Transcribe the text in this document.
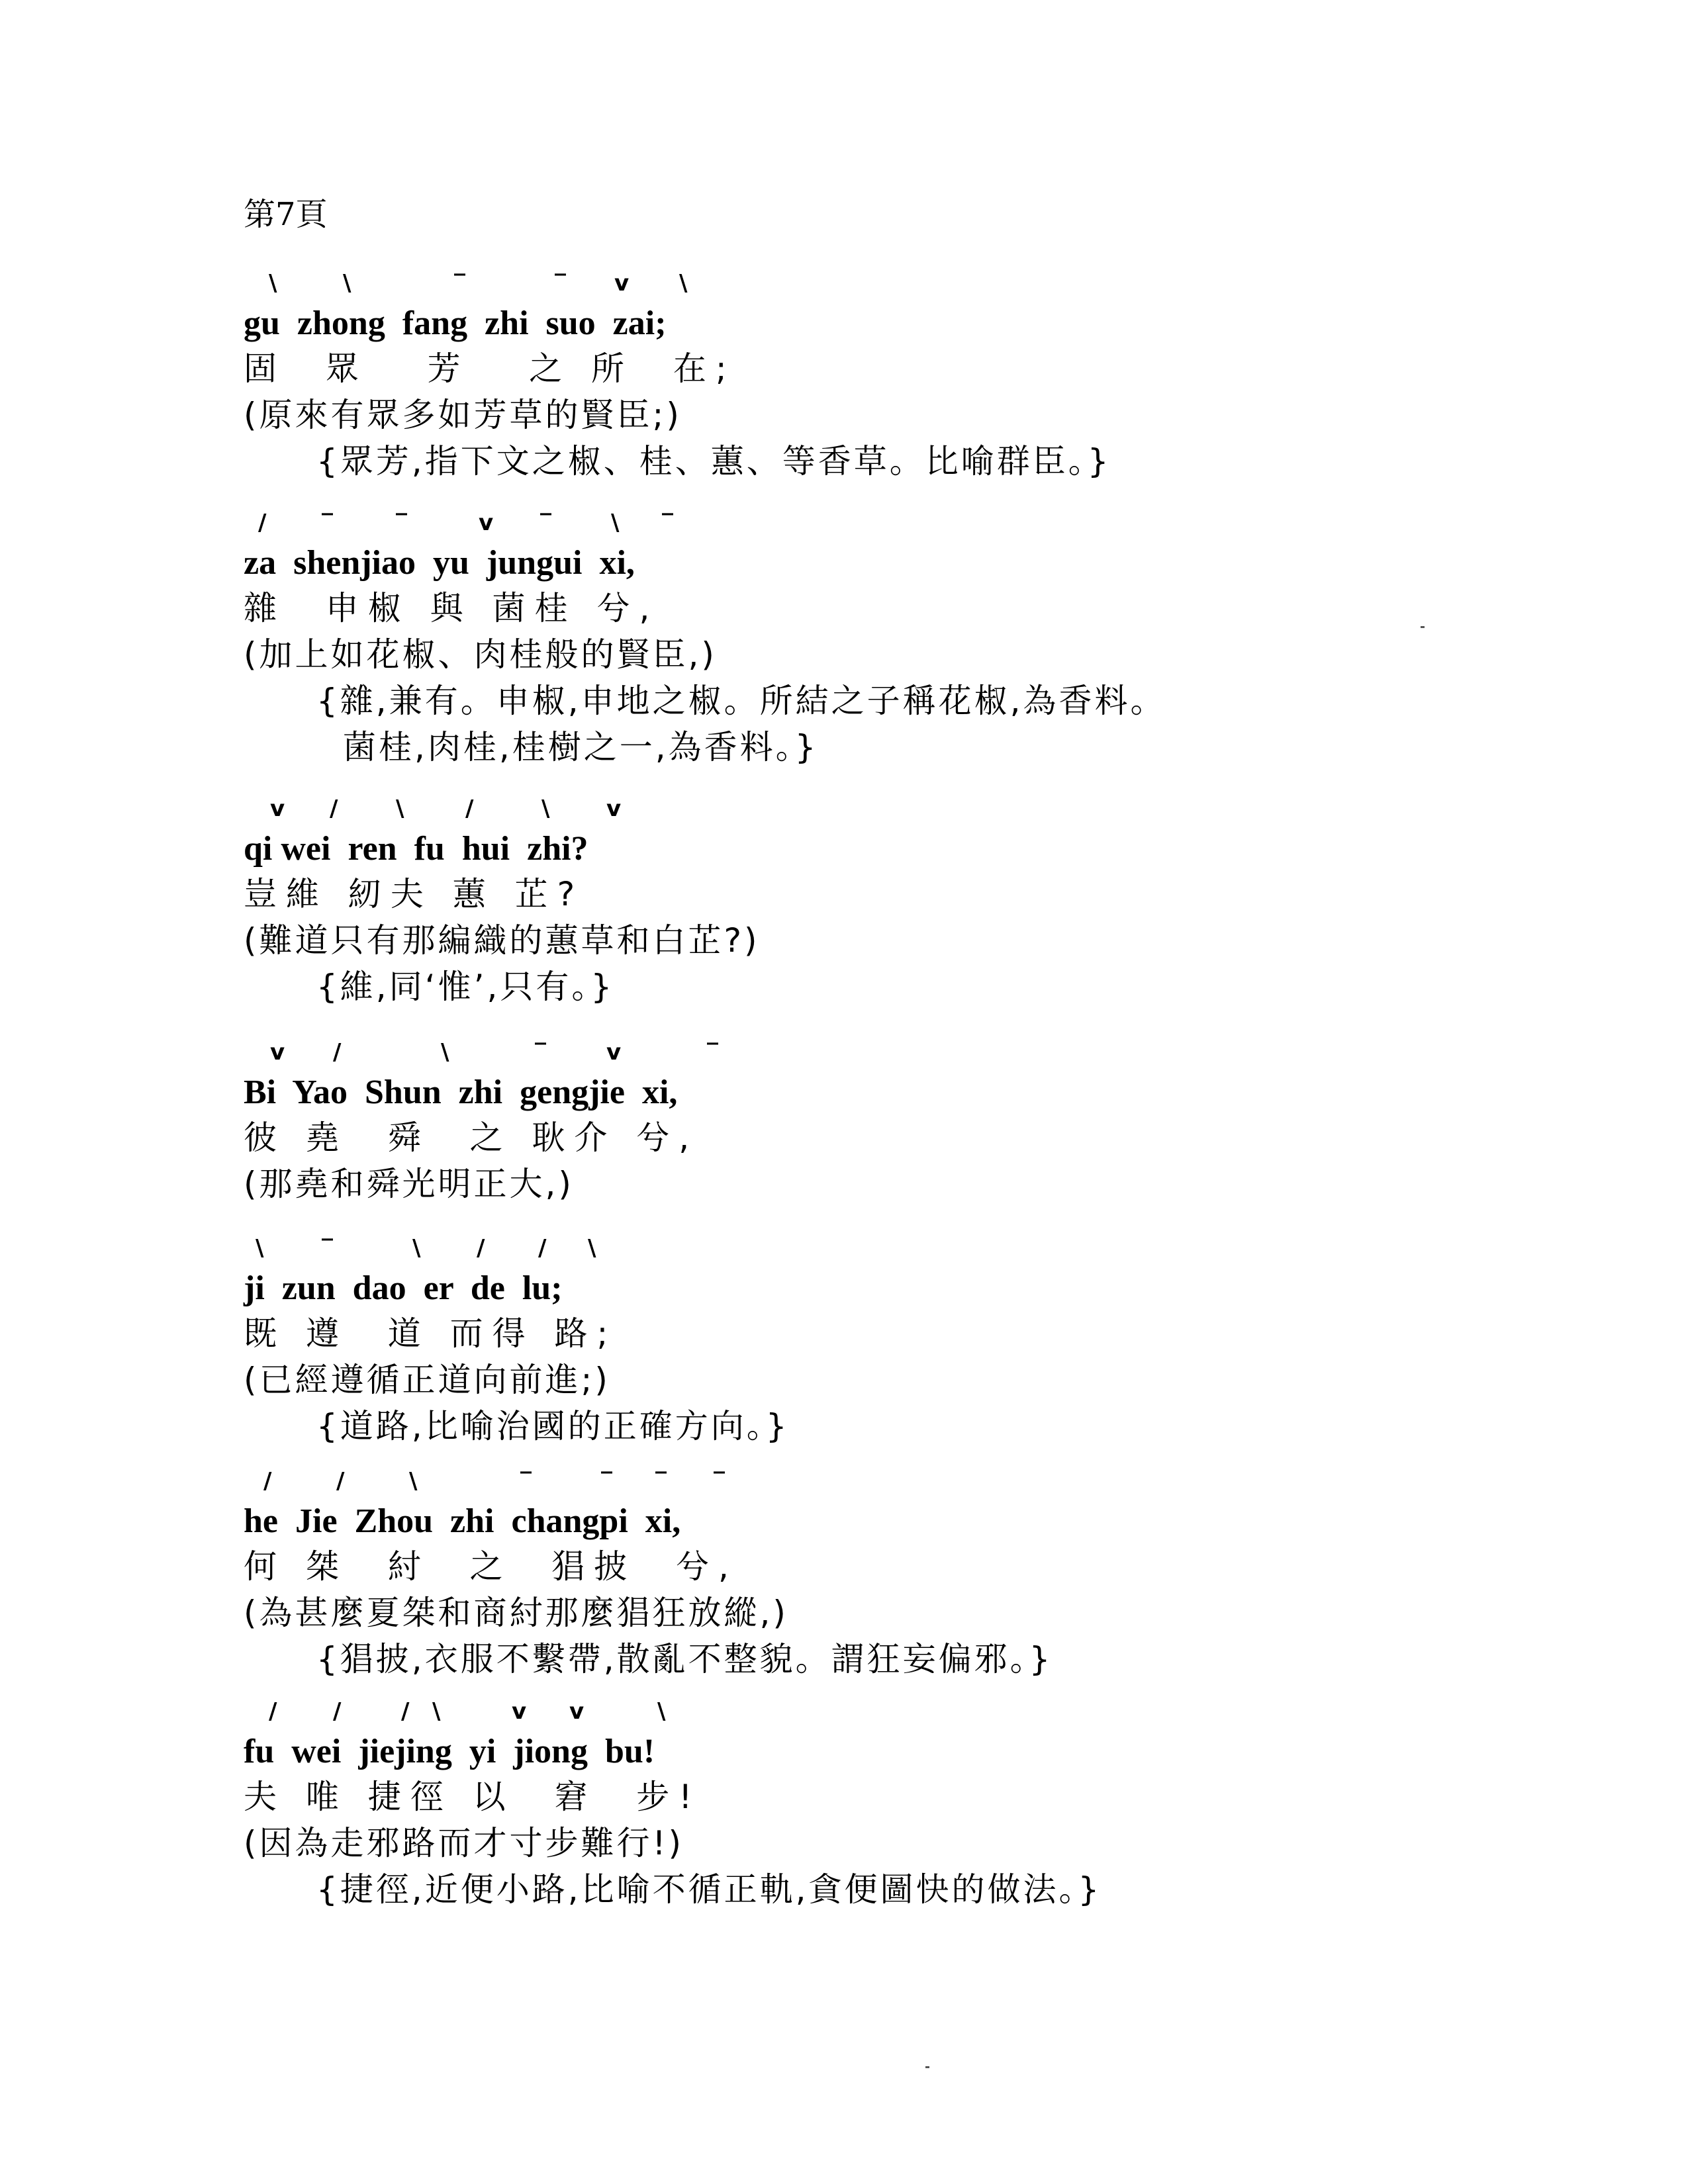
第7頁
\	\	‾	‾ v \
gu  zhong  fang  zhi  suo  zai;
固  眾   芳   之 所  在;
(原來有眾多如芳草的賢臣;)
{眾芳,指下文之椒、桂、蕙、等香草。比喻群臣。}
/ ‾	‾	v ‾	\ ‾
za  shenjiao  yu  jungui  xi,
雜  申椒 與 菌桂 兮,
(加上如花椒、肉桂般的賢臣,)
{雜,兼有。申椒,申地之椒。所結之子稱花椒,為香料。
菌桂,肉桂,桂樹之一,為香料。}
v /	\	/	\	v
qi wei  ren  fu  hui  zhi?
豈維 紉夫 蕙 芷?
(難道只有那編織的蕙草和白芷?)
{維,同‘惟’,只有。}
v /	\	‾	v	‾
Bi  Yao  Shun  zhi  gengjie  xi,
彼 堯  舜  之 耿介 兮,
(那堯和舜光明正大,)
\	‾	\ / / \
ji  zun  dao  er  de  lu;
既 遵  道 而得 路;
(已經遵循正道向前進;)
{道路,比喻治國的正確方向。}
/	/	\	‾	‾ ‾ ‾
he  Jie  Zhou  zhi  changpi  xi,
何 桀  紂  之  猖披  兮,
(為甚麼夏桀和商紂那麼猖狂放縱,)
{猖披,衣服不繫帶,散亂不整貌。謂狂妄偏邪。}
/ /	/ \	v v	\
fu  wei  jiejing  yi  jiong  bu!
夫 唯 捷徑 以  窘  步!
(因為走邪路而才寸步難行!)
{捷徑,近便小路,比喻不循正軌,貪便圖快的做法。}
